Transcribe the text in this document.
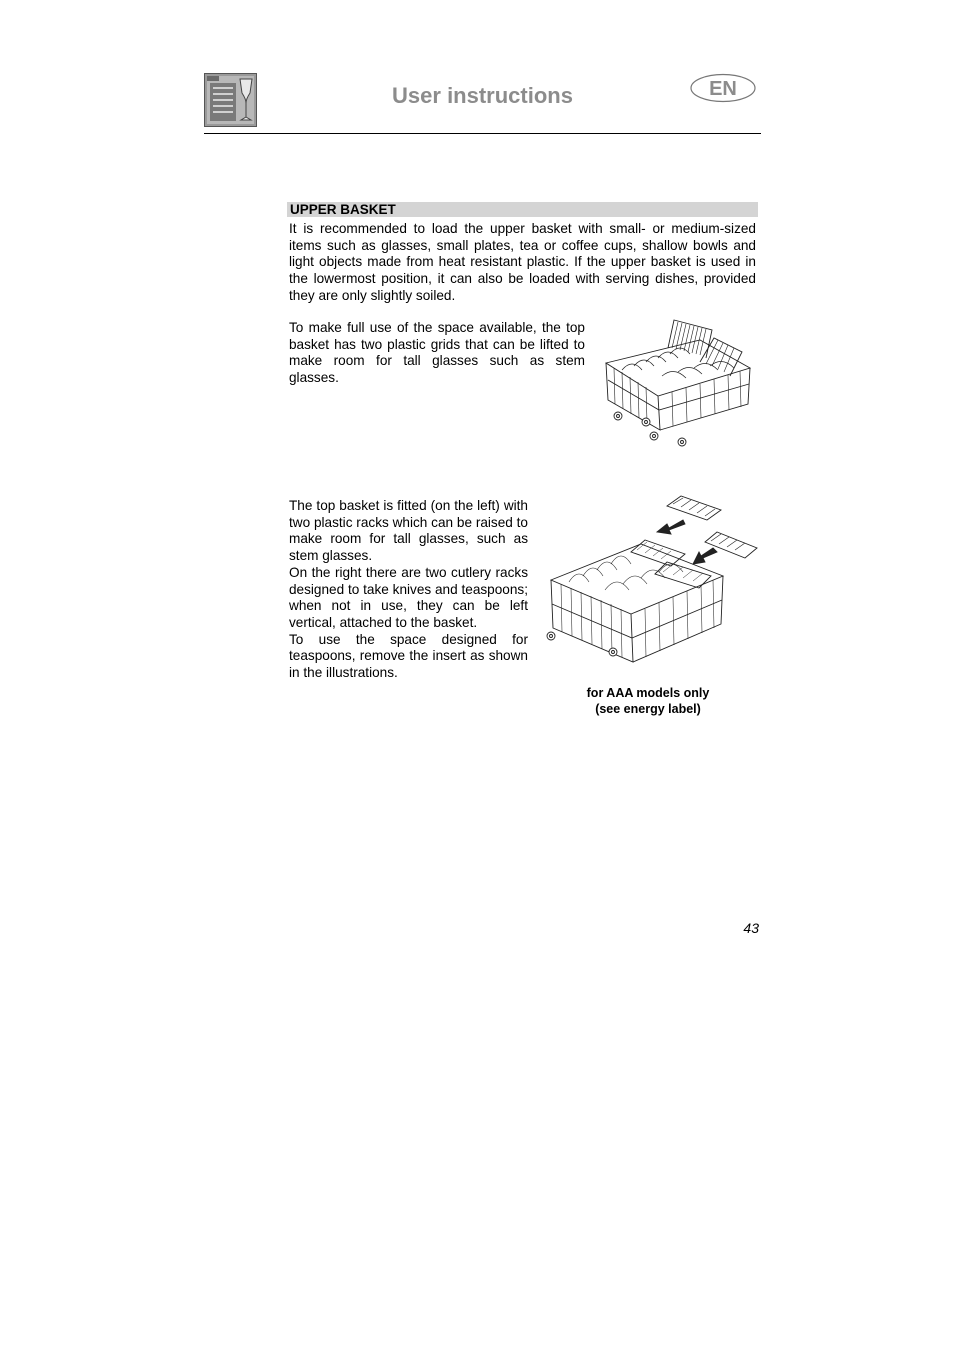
User instructions	EN
UPPER BASKET

It is recommended to load the upper basket with small- or medium-sized items such as glasses, small plates, tea or coffee cups, shallow bowls and light objects made from heat resistant plastic. If the upper basket is used in the lowermost position, it can also be loaded with serving dishes, provided they are only slightly soiled.

To make full use of the space available, the top basket has two plastic grids that can be lifted to make room for tall glasses such as stem glasses.

The top basket is fitted (on the left) with two plastic racks which can be raised to make room for tall glasses, such as stem glasses.
On the right there are two cutlery racks designed to take knives and teaspoons; when not in use, they can be left vertical, attached to the basket.
To use the space designed for teaspoons, remove the insert as shown in the illustrations.
for AAA models only
(see energy label)
43
